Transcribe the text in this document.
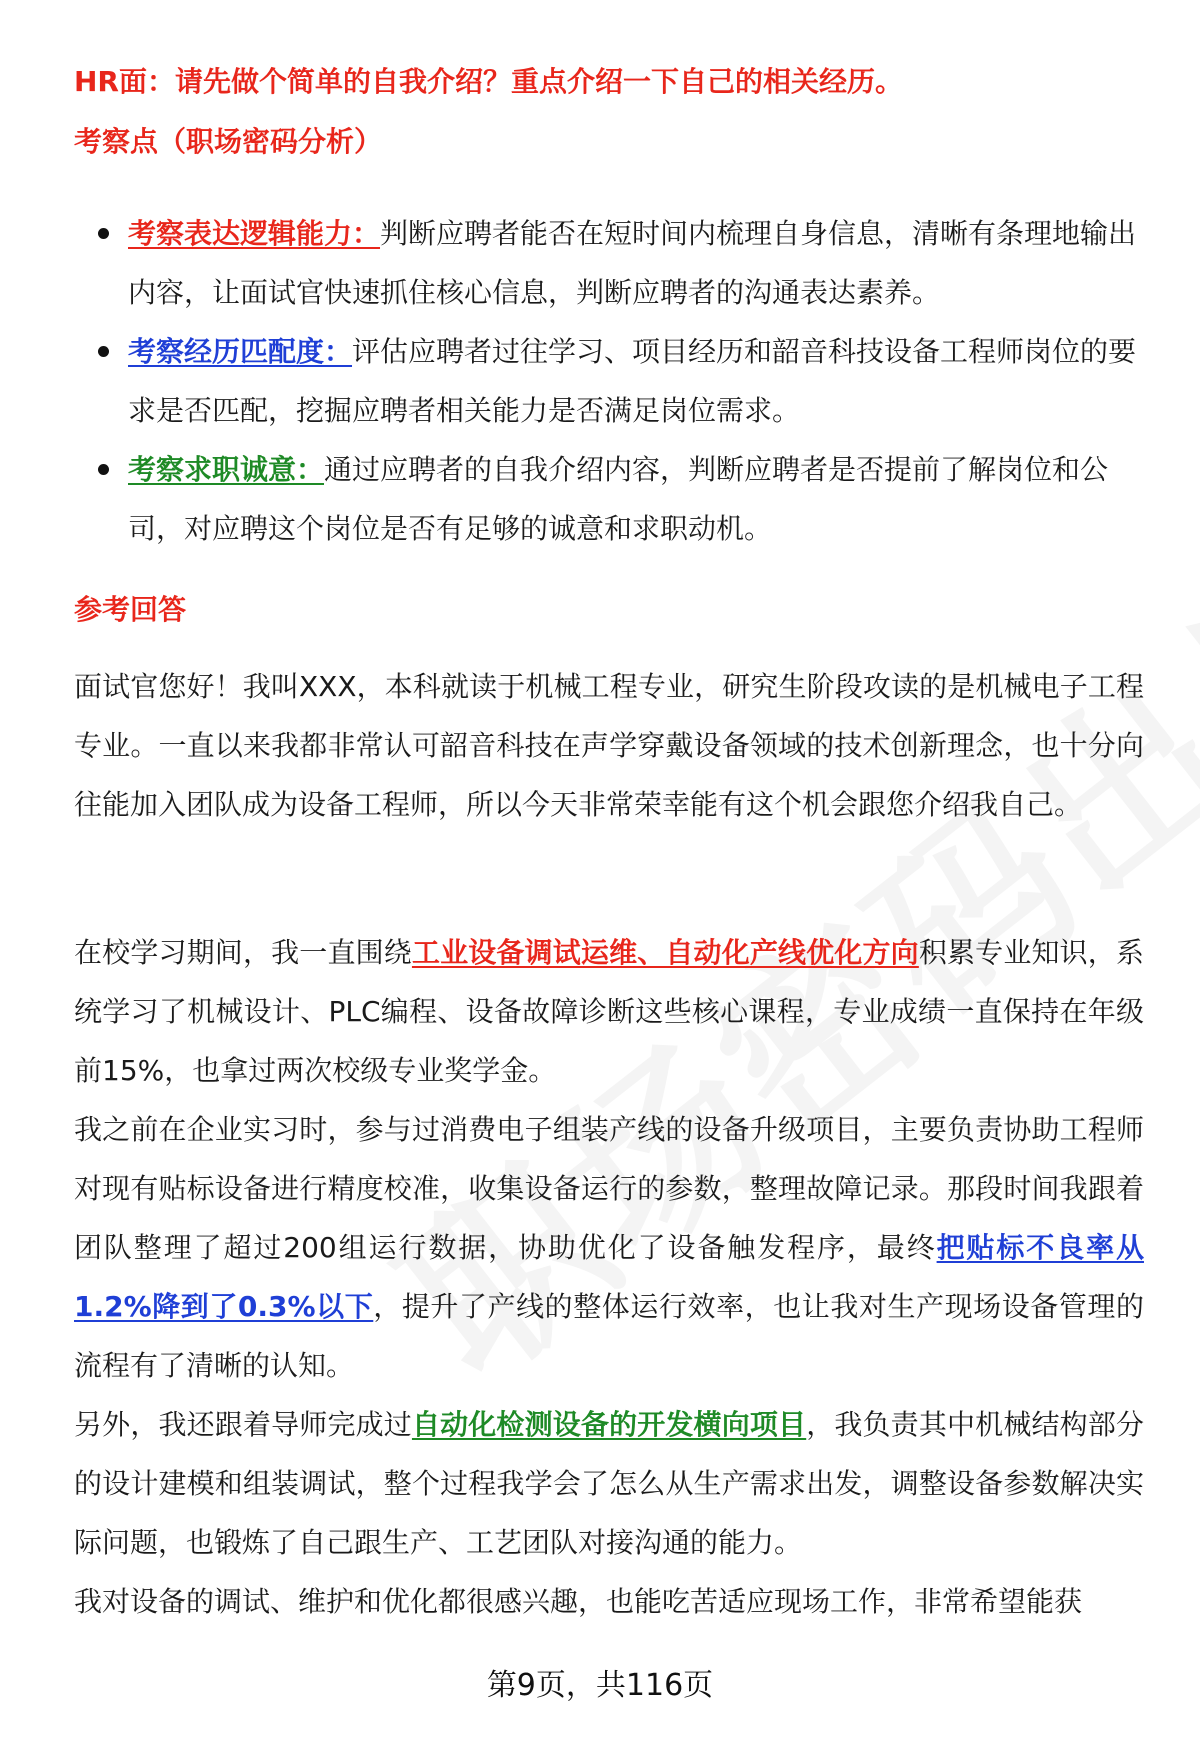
HR面：请先做个简单的自我介绍？重点介绍一下自己的相关经历。
考察点（职场密码分析）
考察表达逻辑能力：判断应聘者能否在短时间内梳理自身信息，清晰有条理地输出内容，让面试官快速抓住核心信息，判断应聘者的沟通表达素养。
考察经历匹配度：评估应聘者过往学习、项目经历和韶音科技设备工程师岗位的要求是否匹配，挖掘应聘者相关能力是否满足岗位需求。
考察求职诚意：通过应聘者的自我介绍内容，判断应聘者是否提前了解岗位和公司，对应聘这个岗位是否有足够的诚意和求职动机。
参考回答

面试官您好！我叫XXX，本科就读于机械工程专业，研究生阶段攻读的是机械电子工程专业。一直以来我都非常认可韶音科技在声学穿戴设备领域的技术创新理念，也十分向往能加入团队成为设备工程师，所以今天非常荣幸能有这个机会跟您介绍我自己。

在校学习期间，我一直围绕工业设备调试运维、自动化产线优化方向积累专业知识，系统学习了机械设计、PLC编程、设备故障诊断这些核心课程，专业成绩一直保持在年级前15%，也拿过两次校级专业奖学金。

我之前在企业实习时，参与过消费电子组装产线的设备升级项目，主要负责协助工程师对现有贴标设备进行精度校准，收集设备运行的参数，整理故障记录。那段时间我跟着团队整理了超过200组运行数据，协助优化了设备触发程序，最终把贴标不良率从1.2%降到了0.3%以下，提升了产线的整体运行效率，也让我对生产现场设备管理的流程有了清晰的认知。

另外，我还跟着导师完成过自动化检测设备的开发横向项目，我负责其中机械结构部分的设计建模和组装调试，整个过程我学会了怎么从生产需求出发，调整设备参数解决实际问题，也锻炼了自己跟生产、工艺团队对接沟通的能力。

我对设备的调试、维护和优化都很感兴趣，也能吃苦适应现场工作，非常希望能获

第9页，共116页
